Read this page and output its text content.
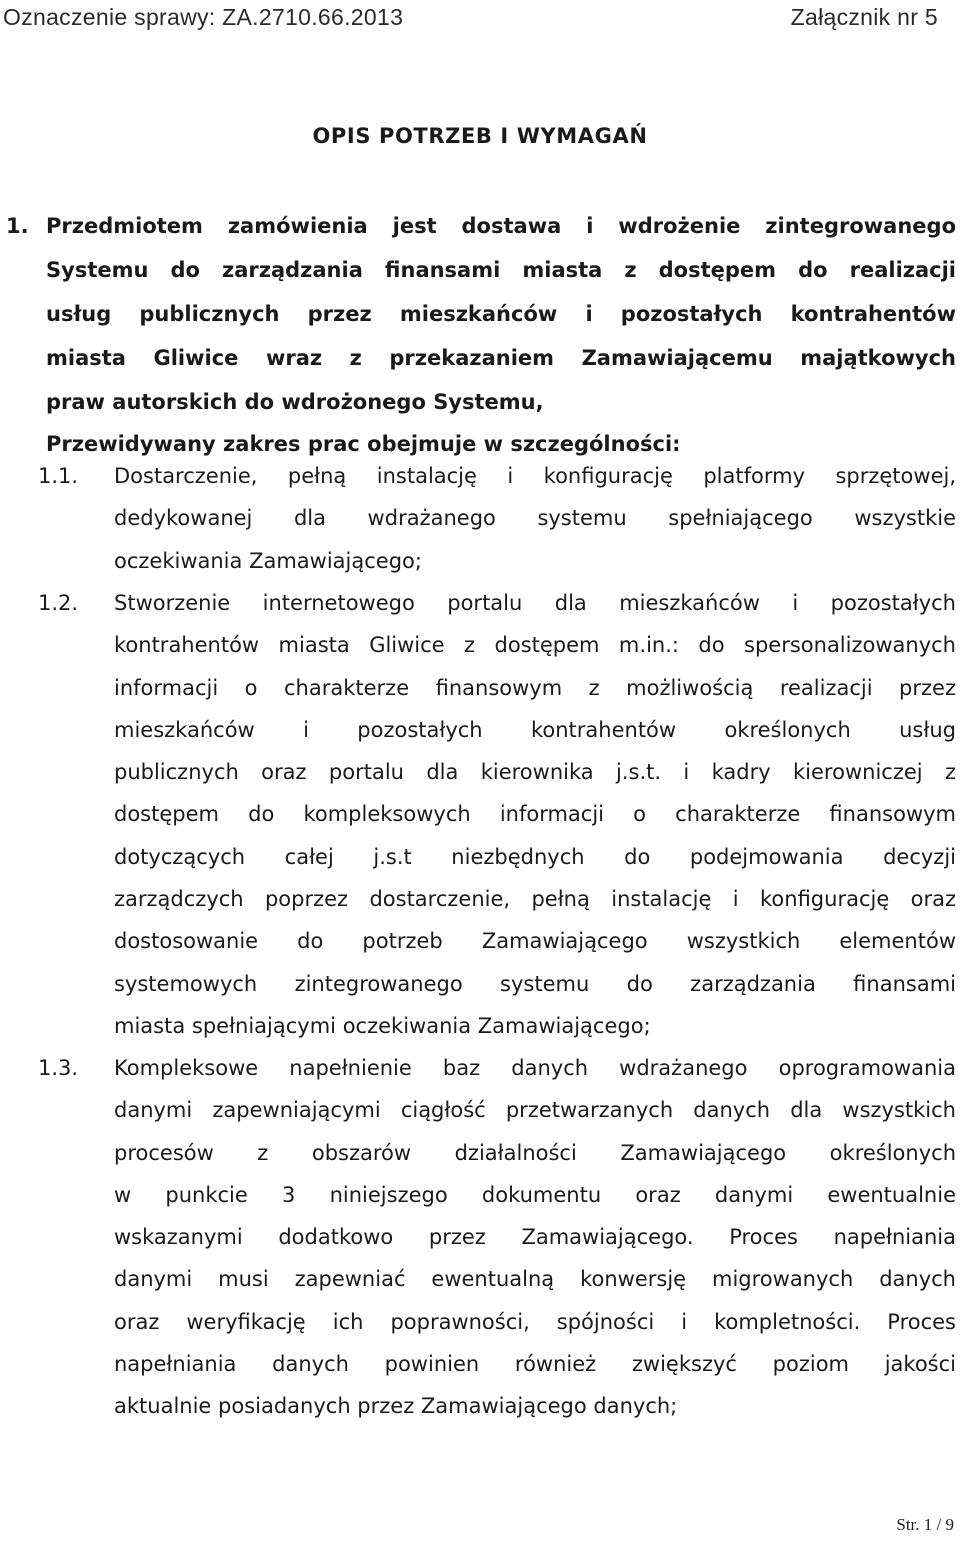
Oznaczenie sprawy: ZA.2710.66.2013	Załącznik nr 5
OPIS POTRZEB I WYMAGAŃ
1. Przedmiotem zamówienia jest dostawa i wdrożenie zintegrowanego
Systemu do zarządzania finansami miasta z dostępem do realizacji
usług publicznych przez mieszkańców i pozostałych kontrahentów
miasta Gliwice wraz z przekazaniem Zamawiającemu majątkowych
praw autorskich do wdrożonego Systemu,
Przewidywany zakres prac obejmuje w szczególności:
1.1.	Dostarczenie, pełną instalację i konfigurację platformy sprzętowej,
dedykowanej dla wdrażanego systemu spełniającego wszystkie
oczekiwania Zamawiającego;
1.2.	Stworzenie internetowego portalu dla mieszkańców i pozostałych
kontrahentów miasta Gliwice z dostępem m.in.: do spersonalizowanych
informacji o charakterze finansowym z możliwością realizacji przez
mieszkańców i pozostałych kontrahentów określonych usług
publicznych oraz portalu dla kierownika j.s.t. i kadry kierowniczej z
dostępem do kompleksowych informacji o charakterze finansowym
dotyczących całej j.s.t niezbędnych do podejmowania decyzji
zarządczych poprzez dostarczenie, pełną instalację i konfigurację oraz
dostosowanie do potrzeb Zamawiającego wszystkich elementów
systemowych zintegrowanego systemu do zarządzania finansami
miasta spełniającymi oczekiwania Zamawiającego;
1.3.	Kompleksowe napełnienie baz danych wdrażanego oprogramowania
danymi zapewniającymi ciągłość przetwarzanych danych dla wszystkich
procesów z obszarów działalności Zamawiającego określonych
w punkcie 3 niniejszego dokumentu oraz danymi ewentualnie
wskazanymi dodatkowo przez Zamawiającego. Proces napełniania
danymi musi zapewniać ewentualną konwersję migrowanych danych
oraz weryfikację ich poprawności, spójności i kompletności. Proces
napełniania danych powinien również zwiększyć poziom jakości
aktualnie posiadanych przez Zamawiającego danych;
Str. 1 / 9
